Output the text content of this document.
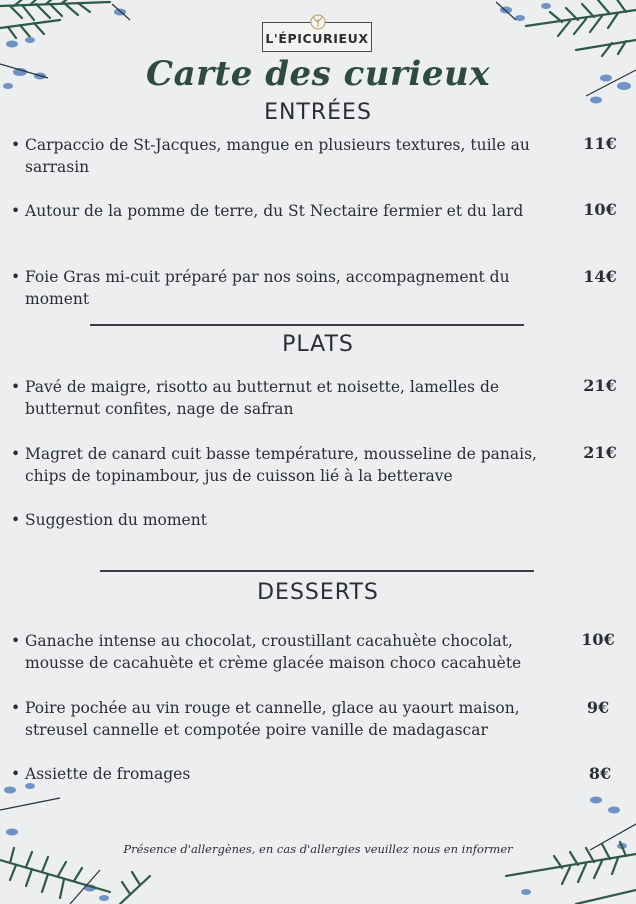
L'ÉPICURIEUX
Carte des curieux
ENTRÉES
• Carpaccio de St-Jacques, mangue en plusieurs textures, tuile au sarrasin
11€
• Autour de la pomme de terre, du St Nectaire fermier et du lard	10€
• Foie Gras mi-cuit préparé par nos soins, accompagnement du moment
14€
PLATS
• Pavé de maigre, risotto au butternut et noisette, lamelles de butternut confites, nage de safran
21€
• Magret de canard cuit basse température, mousseline de panais, chips de topinambour, jus de cuisson lié à la betterave
21€
• Suggestion du moment
DESSERTS
• Ganache intense au chocolat, croustillant cacahuète chocolat, mousse de cacahuète et crème glacée maison choco cacahuète
10€
• Poire pochée au vin rouge et cannelle, glace au yaourt maison, streusel cannelle et compotée poire vanille de madagascar
9€
• Assiette de fromages	8€
Présence d'allergènes, en cas d'allergies veuillez nous en informer
